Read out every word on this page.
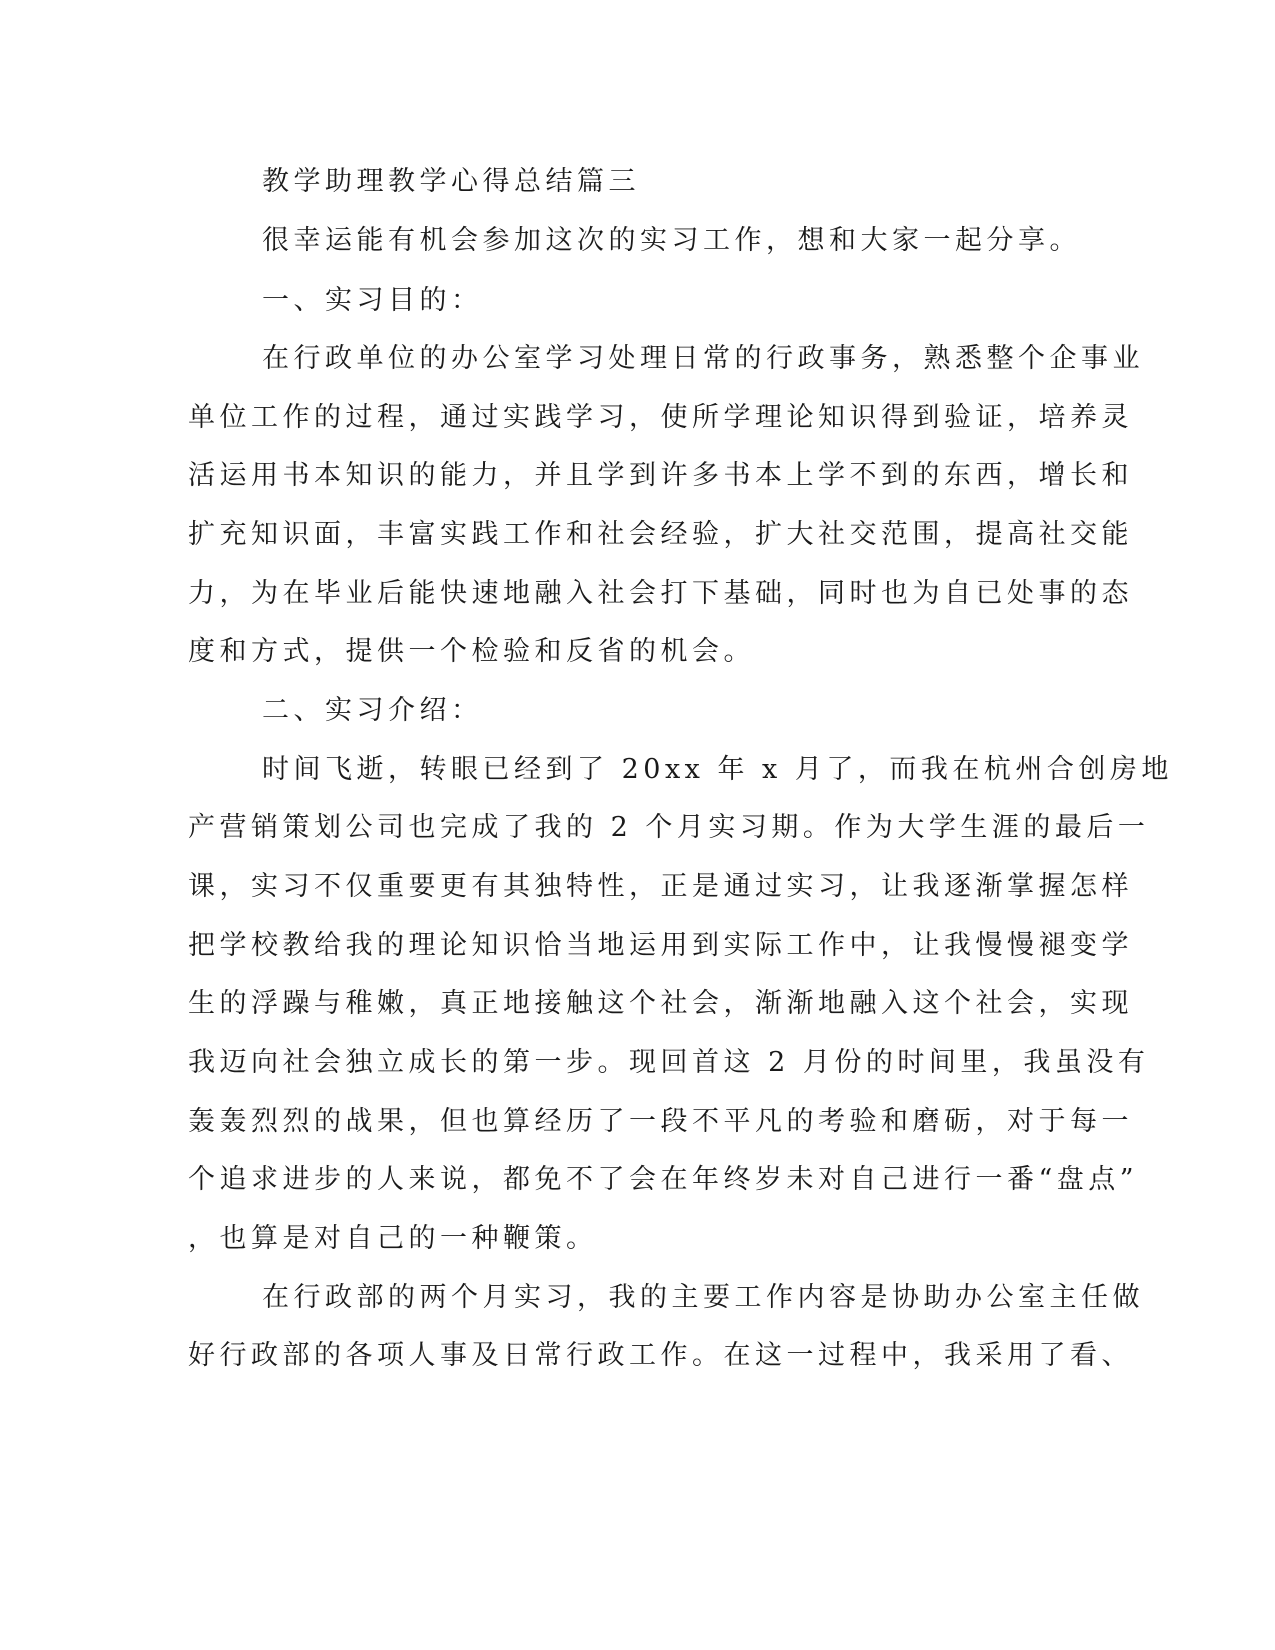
教学助理教学心得总结篇三
很幸运能有机会参加这次的实习工作，想和大家一起分享。
一、实习目的：
在行政单位的办公室学习处理日常的行政事务，熟悉整个企事业
单位工作的过程，通过实践学习，使所学理论知识得到验证，培养灵
活运用书本知识的能力，并且学到许多书本上学不到的东西，增长和
扩充知识面，丰富实践工作和社会经验，扩大社交范围，提高社交能
力，为在毕业后能快速地融入社会打下基础，同时也为自已处事的态
度和方式，提供一个检验和反省的机会。
二、实习介绍：
时间飞逝，转眼已经到了 20xx 年 x 月了，而我在杭州合创房地
产营销策划公司也完成了我的 2 个月实习期。作为大学生涯的最后一
课，实习不仅重要更有其独特性，正是通过实习，让我逐渐掌握怎样
把学校教给我的理论知识恰当地运用到实际工作中，让我慢慢褪变学
生的浮躁与稚嫩，真正地接触这个社会，渐渐地融入这个社会，实现
我迈向社会独立成长的第一步。现回首这 2 月份的时间里，我虽没有
轰轰烈烈的战果，但也算经历了一段不平凡的考验和磨砺，对于每一
个追求进步的人来说，都免不了会在年终岁未对自己进行一番“盘点”
，也算是对自己的一种鞭策。
在行政部的两个月实习，我的主要工作内容是协助办公室主任做
好行政部的各项人事及日常行政工作。在这一过程中，我采用了看、
